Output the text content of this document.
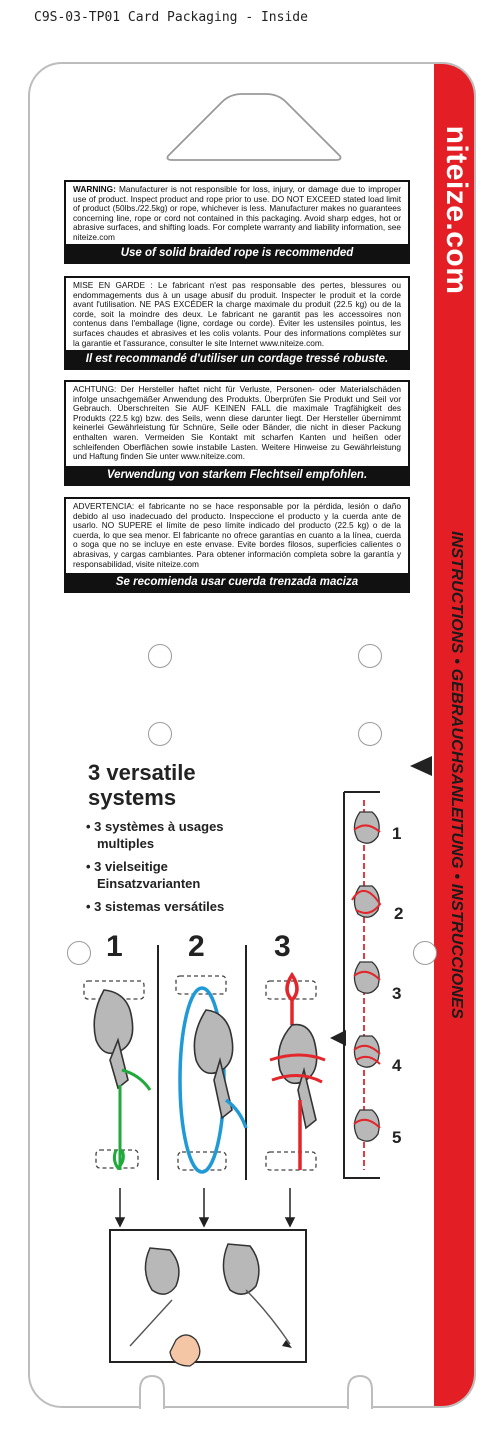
C9S-03-TP01 Card Packaging - Inside
niteize.com
INSTRUCTIONS • GEBRAUCHSANLEITUNG • INSTRUCCIONES

WARNING: Manufacturer is not responsible for loss, injury, or damage due to improper use of product. Inspect product and rope prior to use. DO NOT EXCEED stated load limit of product (50lbs./22.5kg) or rope, whichever is less. Manufacturer makes no guarantees concerning line, rope or cord not contained in this packaging. Avoid sharp edges, hot or abrasive surfaces, and shifting loads. For complete warranty and liability information, see niteize.com

Use of solid braided rope is recommended

MISE EN GARDE : Le fabricant n'est pas responsable des pertes, blessures ou endommagements dus à un usage abusif du produit. Inspecter le produit et la corde avant l'utilisation. NE PAS EXCÉDER la charge maximale du produit (22.5 kg) ou de la corde, soit la moindre des deux. Le fabricant ne garantit pas les accessoires non contenus dans l'emballage (ligne, cordage ou corde). Éviter les ustensiles pointus, les surfaces chaudes et abrasives et les colis volants. Pour des informations complètes sur la garantie et l'assurance, consulter le site Internet www.niteize.com.

Il est recommandé d'utiliser un cordage tressé robuste.

ACHTUNG: Der Hersteller haftet nicht für Verluste, Personen- oder Materialschäden infolge unsachgemäßer Anwendung des Produkts. Überprüfen Sie Produkt und Seil vor Gebrauch. Überschreiten Sie AUF KEINEN FALL die maximale Tragfähigkeit des Produkts (22.5 kg) bzw. des Seils, wenn diese darunter liegt. Der Hersteller übernimmt keinerlei Gewährleistung für Schnüre, Seile oder Bänder, die nicht in dieser Packung enthalten waren. Vermeiden Sie Kontakt mit scharfen Kanten und heißen oder schleifenden Oberflächen sowie instabile Lasten. Weitere Hinweise zu Gewährleistung und Haftung finden Sie unter www.niteize.com.

Verwendung von starkem Flechtseil empfohlen.

ADVERTENCIA: el fabricante no se hace responsable por la pérdida, lesión o daño debido al uso inadecuado del producto. Inspeccione el producto y la cuerda ante de usarlo. NO SUPERE el límite de peso límite indicado del producto (22.5 kg) o de la cuerda, lo que sea menor. El fabricante no ofrece garantías en cuanto a la línea, cuerda o soga que no se incluye en este envase. Evite bordes filosos, superficies calientes o abrasivas, y cargas cambiantes. Para obtener información completa sobre la garantía y responsabilidad, visite niteize.com

Se recomienda usar cuerda trenzada maciza
3 versatile
systems
• 3 systèmes à usages
multiples
• 3 vielseitige
Einsatzvarianten
• 3 sistemas versátiles
1 2 3
1
2
3
4
5
